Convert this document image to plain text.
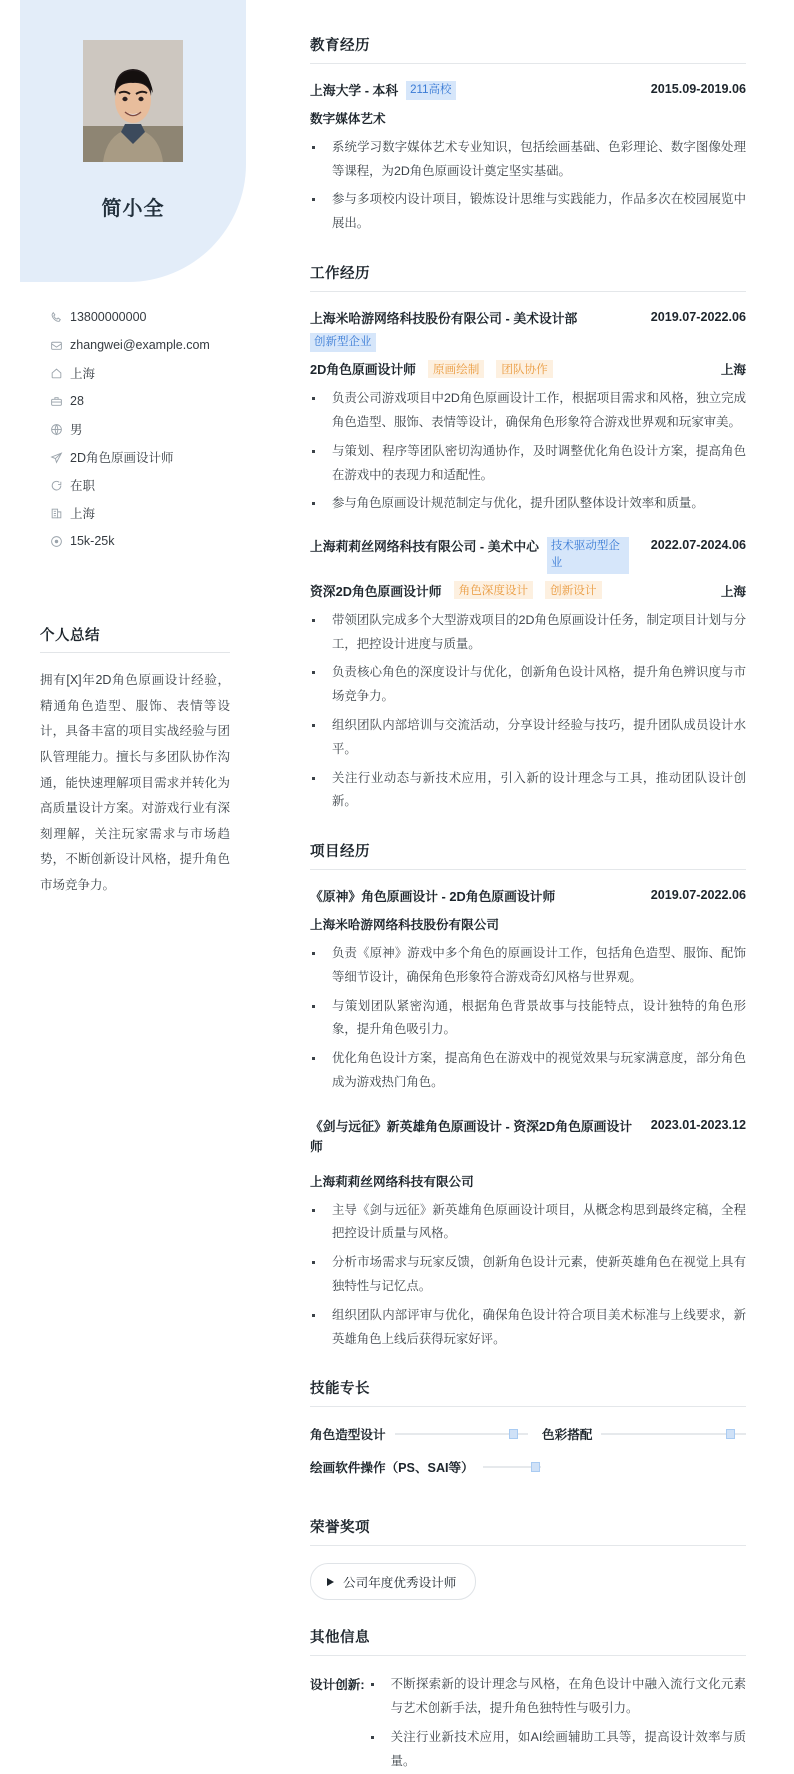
简小全
13800000000
zhangwei@example.com
上海
28
男
2D角色原画设计师
在职
上海
15k-25k
个人总结
拥有[X]年2D角色原画设计经验，精通角色造型、服饰、表情等设计，具备丰富的项目实战经验与团队管理能力。擅长与多团队协作沟通，能快速理解项目需求并转化为高质量设计方案。对游戏行业有深刻理解，关注玩家需求与市场趋势，不断创新设计风格，提升角色市场竞争力。
教育经历
上海大学 - 本科	211高校	2015.09-2019.06
数字媒体艺术
系统学习数字媒体艺术专业知识，包括绘画基础、色彩理论、数字图像处理等课程，为2D角色原画设计奠定坚实基础。
参与多项校内设计项目，锻炼设计思维与实践能力，作品多次在校园展览中展出。
工作经历
上海米哈游网络科技股份有限公司 - 美术设计部
创新型企业
2019.07-2022.06
2D角色原画设计师	原画绘制	团队协作	上海
负责公司游戏项目中2D角色原画设计工作，根据项目需求和风格，独立完成角色造型、服饰、表情等设计，确保角色形象符合游戏世界观和玩家审美。
与策划、程序等团队密切沟通协作，及时调整优化角色设计方案，提高角色在游戏中的表现力和适配性。
参与角色原画设计规范制定与优化，提升团队整体设计效率和质量。
上海莉莉丝网络科技有限公司 - 美术中心	技术驱动型企业
2022.07-2024.06
资深2D角色原画设计师	角色深度设计	创新设计	上海
带领团队完成多个大型游戏项目的2D角色原画设计任务，制定项目计划与分工，把控设计进度与质量。
负责核心角色的深度设计与优化，创新角色设计风格，提升角色辨识度与市场竞争力。
组织团队内部培训与交流活动，分享设计经验与技巧，提升团队成员设计水平。
关注行业动态与新技术应用，引入新的设计理念与工具，推动团队设计创新。
项目经历
《原神》角色原画设计 - 2D角色原画设计师	2019.07-2022.06
上海米哈游网络科技股份有限公司
负责《原神》游戏中多个角色的原画设计工作，包括角色造型、服饰、配饰等细节设计，确保角色形象符合游戏奇幻风格与世界观。
与策划团队紧密沟通，根据角色背景故事与技能特点，设计独特的角色形象，提升角色吸引力。
优化角色设计方案，提高角色在游戏中的视觉效果与玩家满意度，部分角色成为游戏热门角色。
《剑与远征》新英雄角色原画设计 - 资深2D角色原画设计师
2023.01-2023.12
上海莉莉丝网络科技有限公司
主导《剑与远征》新英雄角色原画设计项目，从概念构思到最终定稿，全程把控设计质量与风格。
分析市场需求与玩家反馈，创新角色设计元素，使新英雄角色在视觉上具有独特性与记忆点。
组织团队内部评审与优化，确保角色设计符合项目美术标准与上线要求，新英雄角色上线后获得玩家好评。
技能专长
角色造型设计	色彩搭配
绘画软件操作（PS、SAI等）
荣誉奖项
公司年度优秀设计师
其他信息
设计创新:	不断探索新的设计理念与风格，在角色设计中融入流行文化元素与艺术创新手法，提升角色独特性与吸引力。
关注行业新技术应用，如AI绘画辅助工具等，提高设计效率与质量。
